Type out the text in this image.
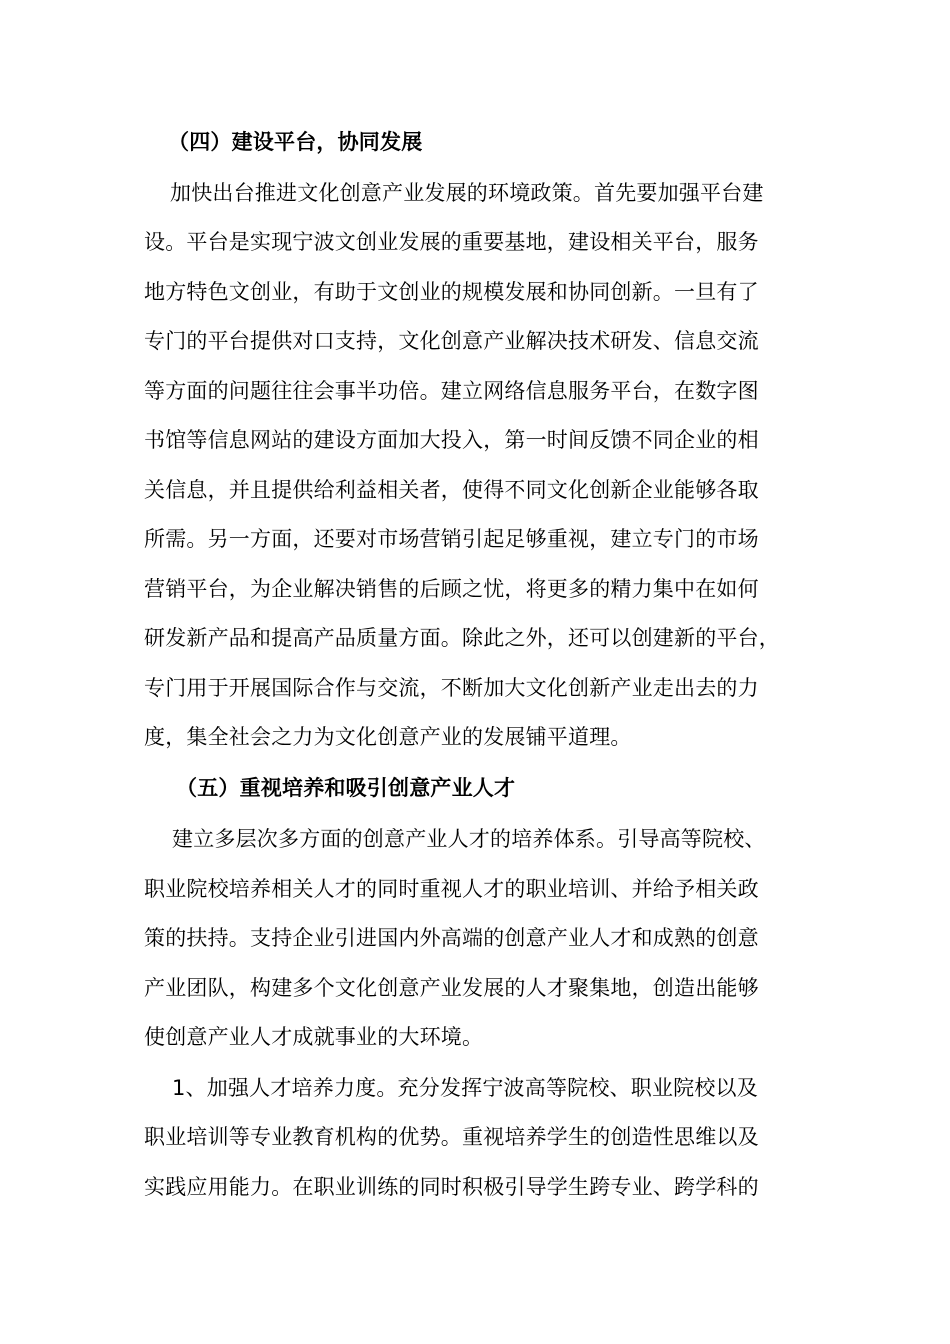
（四）建设平台，协同发展
加快出台推进文化创意产业发展的环境政策。首先要加强平台建
设。平台是实现宁波文创业发展的重要基地，建设相关平台，服务
地方特色文创业，有助于文创业的规模发展和协同创新。一旦有了
专门的平台提供对口支持，文化创意产业解决技术研发、信息交流
等方面的问题往往会事半功倍。建立网络信息服务平台，在数字图
书馆等信息网站的建设方面加大投入，第一时间反馈不同企业的相
关信息，并且提供给利益相关者，使得不同文化创新企业能够各取
所需。另一方面，还要对市场营销引起足够重视，建立专门的市场
营销平台，为企业解决销售的后顾之忧，将更多的精力集中在如何
研发新产品和提高产品质量方面。除此之外，还可以创建新的平台，
专门用于开展国际合作与交流，不断加大文化创新产业走出去的力
度，集全社会之力为文化创意产业的发展铺平道理。
（五）重视培养和吸引创意产业人才
建立多层次多方面的创意产业人才的培养体系。引导高等院校、
职业院校培养相关人才的同时重视人才的职业培训、并给予相关政
策的扶持。支持企业引进国内外高端的创意产业人才和成熟的创意
产业团队，构建多个文化创意产业发展的人才聚集地，创造出能够
使创意产业人才成就事业的大环境。
1、加强人才培养力度。充分发挥宁波高等院校、职业院校以及
职业培训等专业教育机构的优势。重视培养学生的创造性思维以及
实践应用能力。在职业训练的同时积极引导学生跨专业、跨学科的
